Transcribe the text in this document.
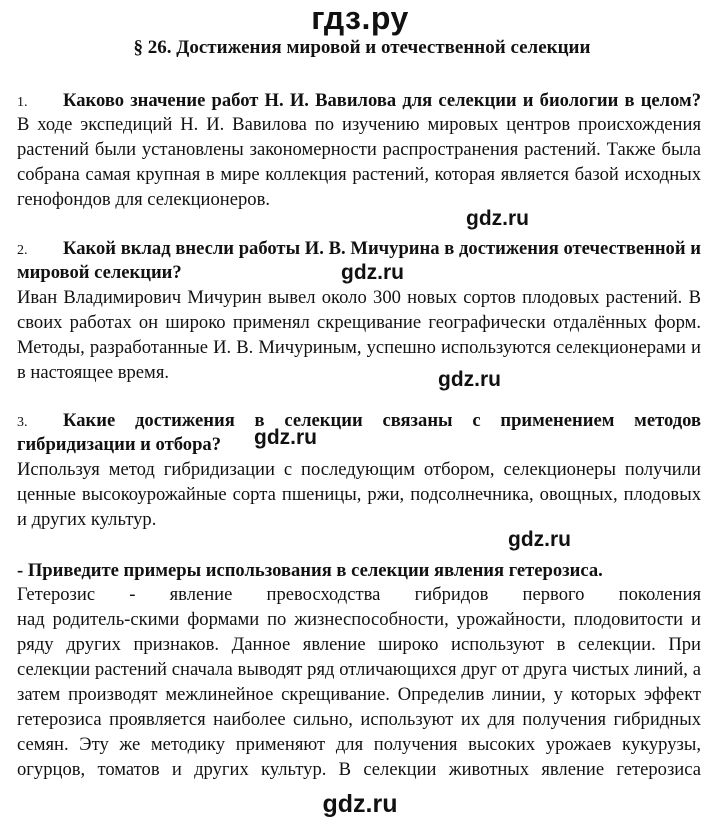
гдз.ру
§ 26. Достижения мировой и отечественной селекции
1.	Каково значение работ Н. И. Вавилова для селекции и биологии в целом?
В ходе экспедиций Н. И. Вавилова по изучению мировых центров происхождения
растений были установлены закономерности распространения растений. Также была
собрана самая крупная в мире коллекция растений, которая является базой исходных
генофондов для селекционеров.
gdz.ru
2.	Какой вклад внесли работы И. В. Мичурина в достижения отечественной и
мировой селекции?	gdz.ru
Иван Владимирович Мичурин вывел около 300 новых сортов плодовых растений. В
своих работах он широко применял скрещивание географически отдалённых форм.
Методы, разработанные И. В. Мичуриным, успешно используются селекционерами и
в настоящее время.	gdz.ru
3.	Какие достижения в селекции связаны с применением методов
гибридизации и отбора?	gdz.ru
Используя метод гибридизации с последующим отбором, селекционеры получили
ценные высокоурожайные сорта пшеницы, ржи, подсолнечника, овощных, плодовых
и других культур.
gdz.ru
- Приведите примеры использования в селекции явления гетерозиса.
Гетерозис - явление превосходства гибридов первого поколения
над родитель-скими формами по жизнеспособности, урожайности, плодовитости и
ряду других признаков. Данное явление широко используют в селекции. При
селекции растений сначала выводят ряд отличающихся друг от друга чистых линий, а
затем производят межлинейное скрещивание. Определив линии, у которых эффект
гетерозиса проявляется наиболее сильно, используют их для получения гибридных
семян. Эту же методику применяют для получения высоких урожаев кукурузы,
огурцов, томатов и других культур. В селекции животных явление гетерозиса
gdz.ru
